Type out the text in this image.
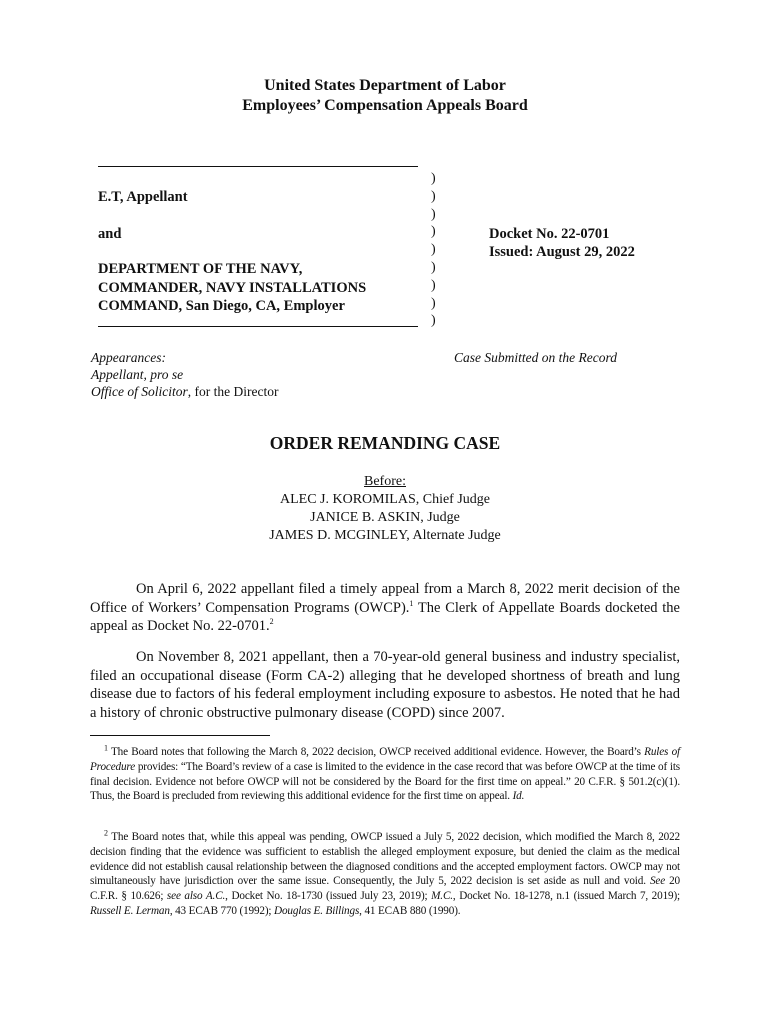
United States Department of Labor
Employees’ Compensation Appeals Board
E.T, Appellant
and
DEPARTMENT OF THE NAVY,
COMMANDER, NAVY INSTALLATIONS
COMMAND, San Diego, CA, Employer
)
)
)
)
)
)
)
)
)
Docket No. 22-0701
Issued: August 29, 2022
Appearances:
Appellant, pro se
Office of Solicitor, for the Director
Case Submitted on the Record
ORDER REMANDING CASE
Before:
ALEC J. KOROMILAS, Chief Judge
JANICE B. ASKIN, Judge
JAMES D. MCGINLEY, Alternate Judge
On April 6, 2022 appellant filed a timely appeal from a March 8, 2022 merit decision of the Office of Workers’ Compensation Programs (OWCP).$^1$ The Clerk of Appellate Boards docketed the appeal as Docket No. 22-0701.$^2$
On November 8, 2021 appellant, then a 70-year-old general business and industry specialist, filed an occupational disease (Form CA-2) alleging that he developed shortness of breath and lung disease due to factors of his federal employment including exposure to asbestos. He noted that he had a history of chronic obstructive pulmonary disease (COPD) since 2007.
$^1$ The Board notes that following the March 8, 2022 decision, OWCP received additional evidence. However, the Board’s Rules of Procedure provides: “The Board’s review of a case is limited to the evidence in the case record that was before OWCP at the time of its final decision. Evidence not before OWCP will not be considered by the Board for the first time on appeal.” 20 C.F.R. § 501.2(c)(1). Thus, the Board is precluded from reviewing this additional evidence for the first time on appeal. Id.
$^2$ The Board notes that, while this appeal was pending, OWCP issued a July 5, 2022 decision, which modified the March 8, 2022 decision finding that the evidence was sufficient to establish the alleged employment exposure, but denied the claim as the medical evidence did not establish causal relationship between the diagnosed conditions and the accepted employment factors. OWCP may not simultaneously have jurisdiction over the same issue. Consequently, the July 5, 2022 decision is set aside as null and void. See 20 C.F.R. § 10.626; see also A.C., Docket No. 18-1730 (issued July 23, 2019); M.C., Docket No. 18-1278, n.1 (issued March 7, 2019); Russell E. Lerman, 43 ECAB 770 (1992); Douglas E. Billings, 41 ECAB 880 (1990).
